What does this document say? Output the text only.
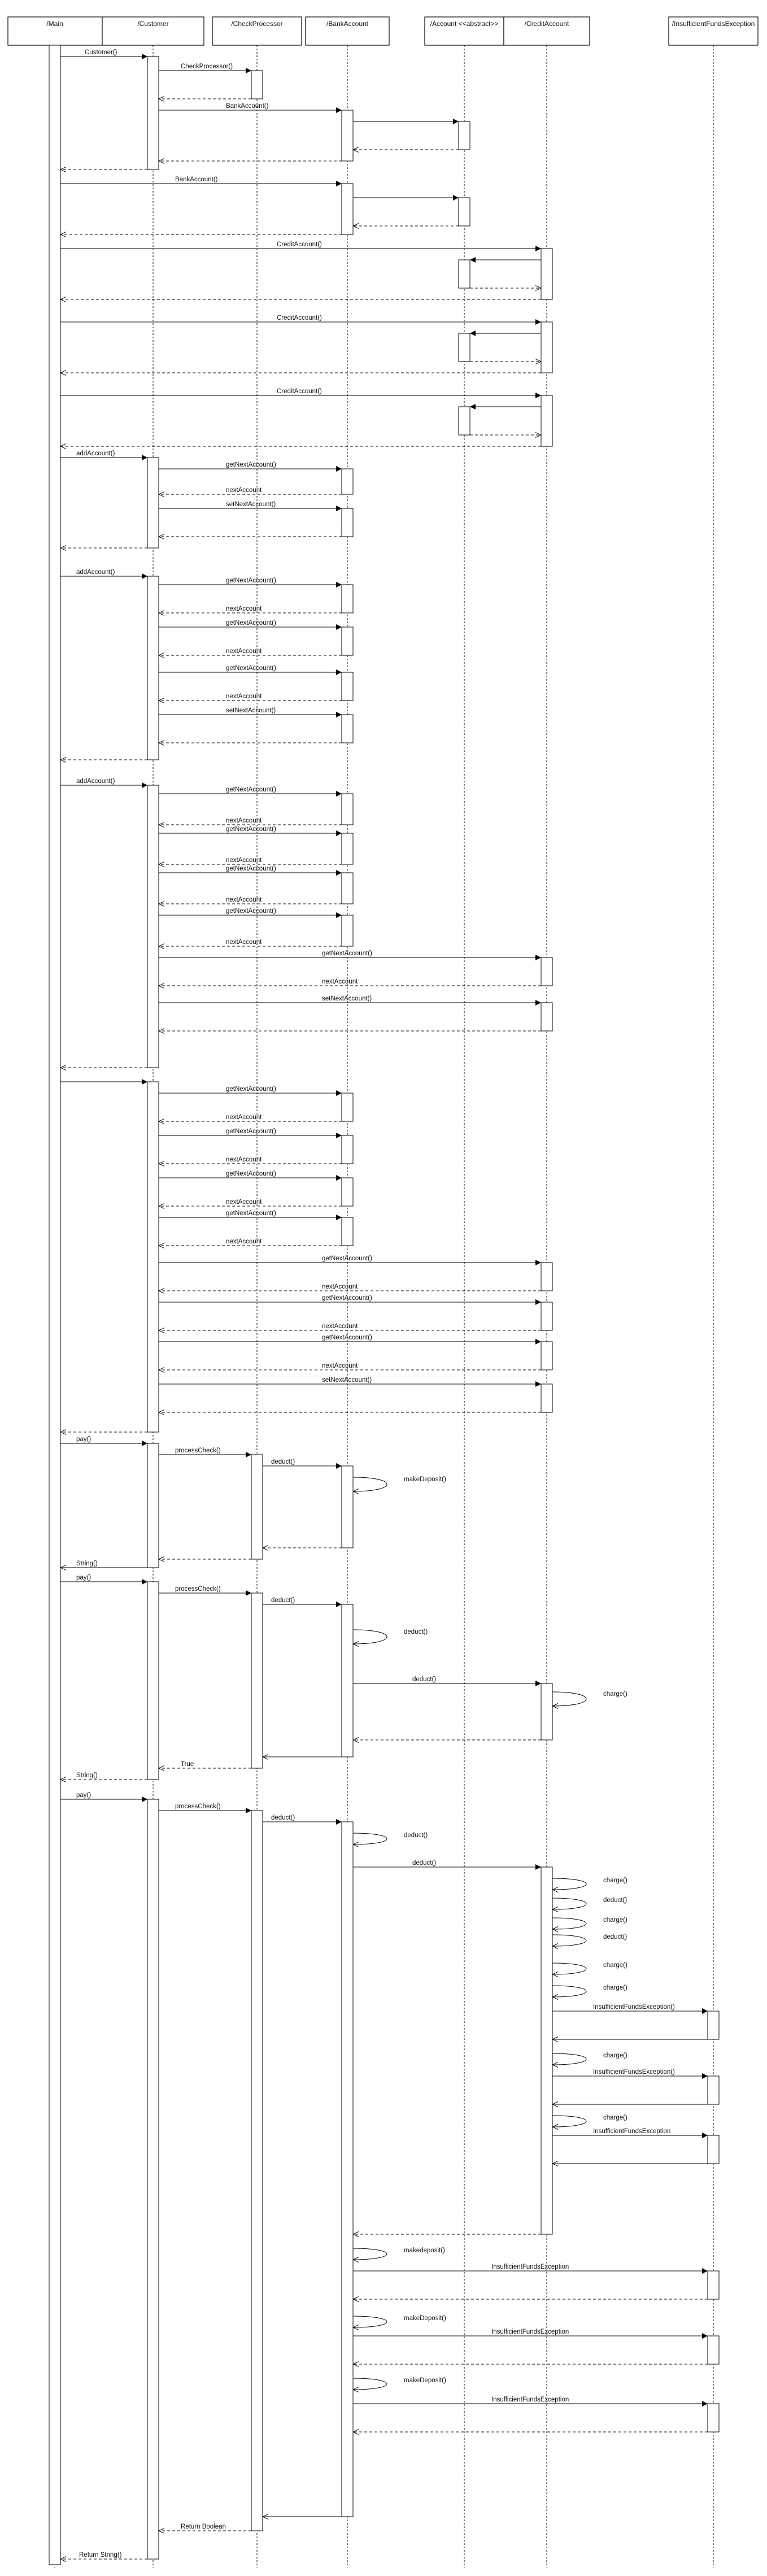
/Main	/Customer	/CheckProcessor	/BankAccount	/Account <<abstract>>	/CreditAccount	/InsufficientFundsException
Customer()
CheckProcessor()
BankAccount()
BankAccount()
CreditAccount()
CreditAccount()
CreditAccount()
addAccount()
getNextAccount()
nextAccount
setNextAccount()
addAccount()
getNextAccount()
nextAccount
getNextAccount()
nextAccount
getNextAccount()
nextAccount
setNextAccount()
addAccount()
getNextAccount()
nextAccount
getNextAccount()
nextAccount
getNextAccount()
nextAccount
getNextAccount()
nextAccount
getNextAccount()
nextAccount
setNextAccount()
getNextAccount()
nextAccount
getNextAccount()
nextAccount
getNextAccount()
nextAccount
getNextAccount()
nextAccount
getNextAccount()
nextAccount
getNextAccount()
nextAccount
getNextAccount()
nextAccount
setNextAccount()
pay()
processCheck()
deduct()
makeDeposit()
String()
pay()
processCheck()
deduct()
deduct()
deduct()
charge()
True
String()
pay()
processCheck()
deduct()
deduct()
deduct()
charge()
deduct()
charge()
deduct()
charge()
charge()
InsufficientFundsException()
charge()
InsufficientFundsException()
charge()
InsufficientFundsException
makedeposit()
InsufficientFundsException
makeDeposit()
InsufficientFundsException
makeDeposit()
InsufficientFundsException
Return Boolean
Return String()
